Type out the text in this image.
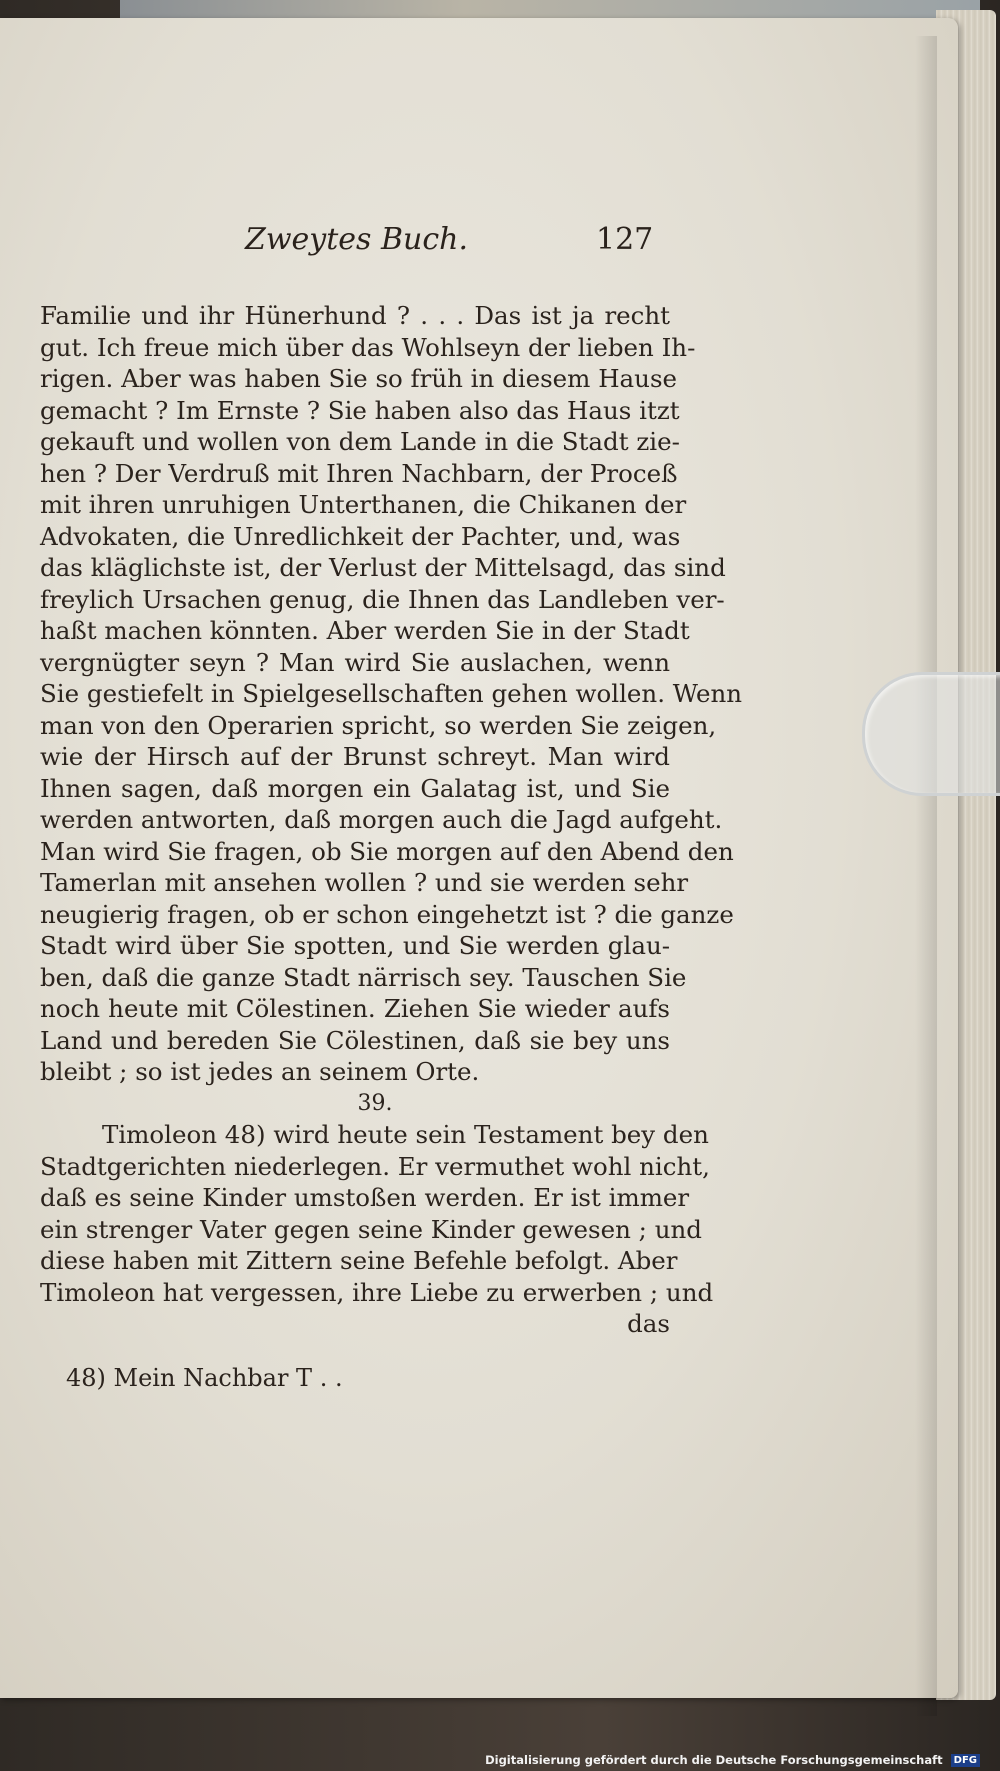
Zweytes Buch.	127
Familie und ihr Hünerhund ? . . . Das ist ja recht
gut. Ich freue mich über das Wohlseyn der lieben Ih-
rigen. Aber was haben Sie so früh in diesem Hause
gemacht ? Im Ernste ? Sie haben also das Haus itzt
gekauft und wollen von dem Lande in die Stadt zie-
hen ? Der Verdruß mit Ihren Nachbarn, der Proceß
mit ihren unruhigen Unterthanen, die Chikanen der
Advokaten, die Unredlichkeit der Pachter, und, was
das kläglichste ist, der Verlust der Mittelsagd, das sind
freylich Ursachen genug, die Ihnen das Landleben ver-
haßt machen könnten. Aber werden Sie in der Stadt
vergnügter seyn ? Man wird Sie auslachen, wenn
Sie gestiefelt in Spielgesellschaften gehen wollen. Wenn
man von den Operarien spricht, so werden Sie zeigen,
wie der Hirsch auf der Brunst schreyt. Man wird
Ihnen sagen, daß morgen ein Galatag ist, und Sie
werden antworten, daß morgen auch die Jagd aufgeht.
Man wird Sie fragen, ob Sie morgen auf den Abend den
Tamerlan mit ansehen wollen ? und sie werden sehr
neugierig fragen, ob er schon eingehetzt ist ? die ganze
Stadt wird über Sie spotten, und Sie werden glau-
ben, daß die ganze Stadt närrisch sey. Tauschen Sie
noch heute mit Cölestinen. Ziehen Sie wieder aufs
Land und bereden Sie Cölestinen, daß sie bey uns
bleibt ; so ist jedes an seinem Orte.
39.
Timoleon 48) wird heute sein Testament bey den
Stadtgerichten niederlegen. Er vermuthet wohl nicht,
daß es seine Kinder umstoßen werden. Er ist immer
ein strenger Vater gegen seine Kinder gewesen ; und
diese haben mit Zittern seine Befehle befolgt. Aber
Timoleon hat vergessen, ihre Liebe zu erwerben ; und
das
48) Mein Nachbar T . .
Digitalisierung gefördert durch die Deutsche Forschungsgemeinschaft DFG
